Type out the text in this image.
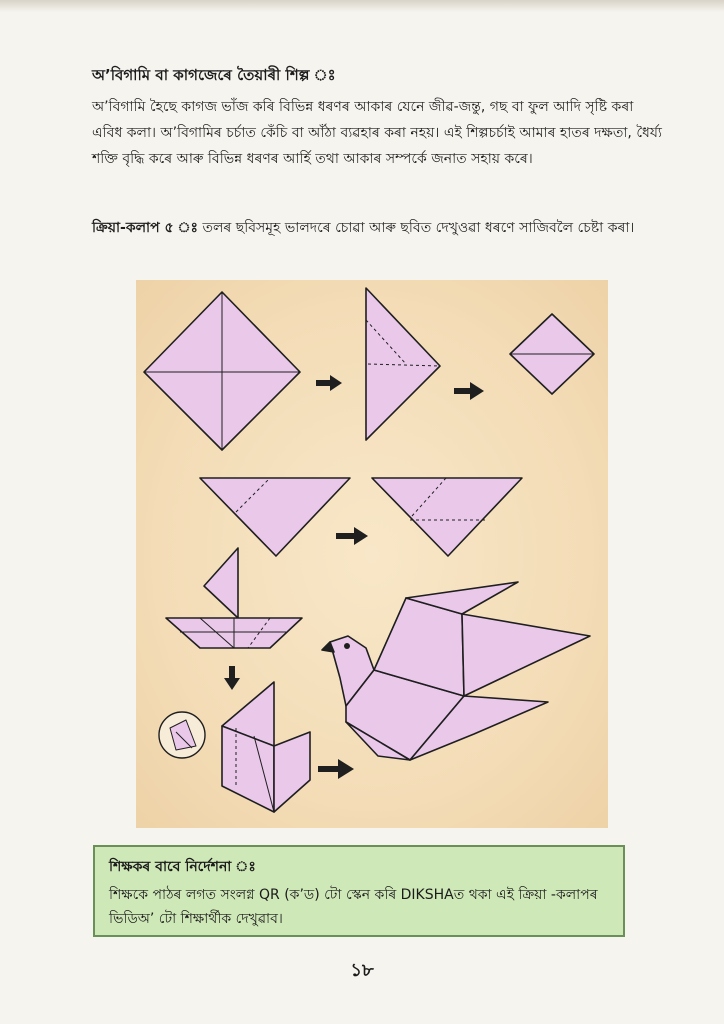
অ’বিগামি বা কাগজেৰে তৈয়াৰী শিল্প ঃ
অ’বিগামি হৈছে কাগজ ভাঁজ কৰি বিভিন্ন ধৰণৰ আকাৰ যেনে জীৱ-জন্তু, গছ বা ফুল আদি সৃষ্টি কৰা এবিধ কলা। অ’বিগামিৰ চৰ্চাত কেঁচি বা আঁঠা ব্যৱহাৰ কৰা নহয়। এই শিল্পচৰ্চাই আমাৰ হাতৰ দক্ষতা, ধৈৰ্য্য শক্তি বৃদ্ধি কৰে আৰু বিভিন্ন ধৰণৰ আৰ্হি তথা আকাৰ সম্পৰ্কে জনাত সহায় কৰে।
ক্ৰিয়া-কলাপ ৫ ঃ তলৰ ছবিসমূহ ভালদৰে চোৱা আৰু ছবিত দেখুওৱা ধৰণে সাজিবলৈ চেষ্টা কৰা।
শিক্ষকৰ বাবে নিৰ্দেশনা ঃ
শিক্ষকে পাঠৰ লগত সংলগ্ন QR (ক’ড) টো স্কেন কৰি DIKSHAত থকা এই ক্ৰিয়া -কলাপৰ ভিডিঅ’ টো শিক্ষাৰ্থীক দেখুৱাব।
১৮
